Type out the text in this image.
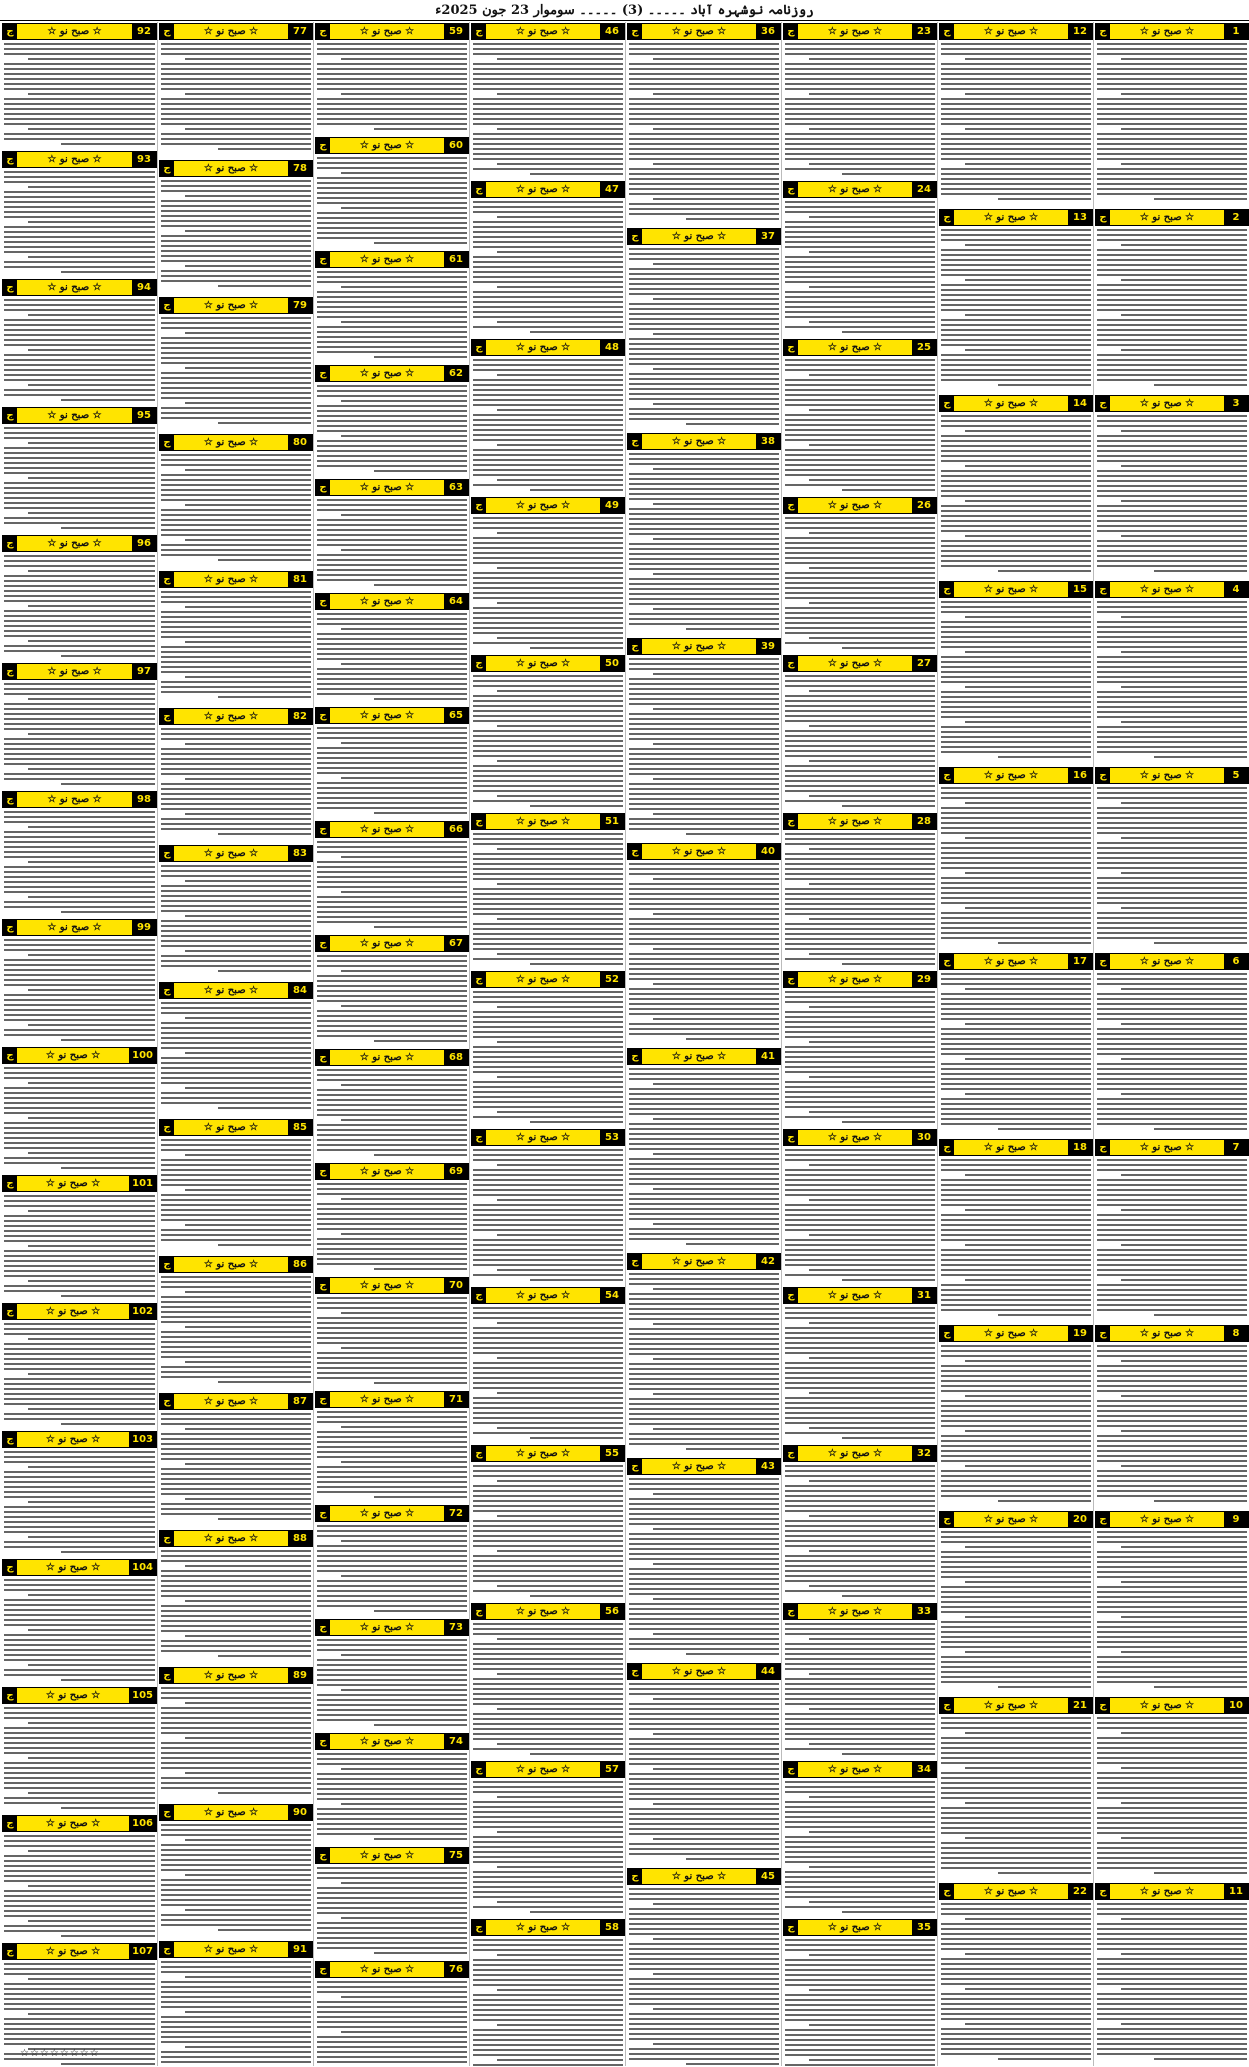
روزنامہ نوشہرہ آباد ۔۔۔۔۔ (3) ۔۔۔۔۔ سوموار 23 جون 2025ء
ج	☆ صبح نو ☆	1
ج	☆ صبح نو ☆	2
ج	☆ صبح نو ☆	3
ج	☆ صبح نو ☆	4
ج	☆ صبح نو ☆	5
ج	☆ صبح نو ☆	6
ج	☆ صبح نو ☆	7
ج	☆ صبح نو ☆	8
ج	☆ صبح نو ☆	9
ج	☆ صبح نو ☆	10
ج	☆ صبح نو ☆	11
ج	☆ صبح نو ☆	12
ج	☆ صبح نو ☆	13
ج	☆ صبح نو ☆	14
ج	☆ صبح نو ☆	15
ج	☆ صبح نو ☆	16
ج	☆ صبح نو ☆	17
ج	☆ صبح نو ☆	18
ج	☆ صبح نو ☆	19
ج	☆ صبح نو ☆	20
ج	☆ صبح نو ☆	21
ج	☆ صبح نو ☆	22
ج	☆ صبح نو ☆	23
ج	☆ صبح نو ☆	24
ج	☆ صبح نو ☆	25
ج	☆ صبح نو ☆	26
ج	☆ صبح نو ☆	27
ج	☆ صبح نو ☆	28
ج	☆ صبح نو ☆	29
ج	☆ صبح نو ☆	30
ج	☆ صبح نو ☆	31
ج	☆ صبح نو ☆	32
ج	☆ صبح نو ☆	33
ج	☆ صبح نو ☆	34
ج	☆ صبح نو ☆	35
ج	☆ صبح نو ☆	36
ج	☆ صبح نو ☆	37
ج	☆ صبح نو ☆	38
ج	☆ صبح نو ☆	39
ج	☆ صبح نو ☆	40
ج	☆ صبح نو ☆	41
ج	☆ صبح نو ☆	42
ج	☆ صبح نو ☆	43
ج	☆ صبح نو ☆	44
ج	☆ صبح نو ☆	45
ج	☆ صبح نو ☆	46
ج	☆ صبح نو ☆	47
ج	☆ صبح نو ☆	48
ج	☆ صبح نو ☆	49
ج	☆ صبح نو ☆	50
ج	☆ صبح نو ☆	51
ج	☆ صبح نو ☆	52
ج	☆ صبح نو ☆	53
ج	☆ صبح نو ☆	54
ج	☆ صبح نو ☆	55
ج	☆ صبح نو ☆	56
ج	☆ صبح نو ☆	57
ج	☆ صبح نو ☆	58
ج	☆ صبح نو ☆	59
ج	☆ صبح نو ☆	60
ج	☆ صبح نو ☆	61
ج	☆ صبح نو ☆	62
ج	☆ صبح نو ☆	63
ج	☆ صبح نو ☆	64
ج	☆ صبح نو ☆	65
ج	☆ صبح نو ☆	66
ج	☆ صبح نو ☆	67
ج	☆ صبح نو ☆	68
ج	☆ صبح نو ☆	69
ج	☆ صبح نو ☆	70
ج	☆ صبح نو ☆	71
ج	☆ صبح نو ☆	72
ج	☆ صبح نو ☆	73
ج	☆ صبح نو ☆	74
ج	☆ صبح نو ☆	75
ج	☆ صبح نو ☆	76
ج	☆ صبح نو ☆	77
ج	☆ صبح نو ☆	78
ج	☆ صبح نو ☆	79
ج	☆ صبح نو ☆	80
ج	☆ صبح نو ☆	81
ج	☆ صبح نو ☆	82
ج	☆ صبح نو ☆	83
ج	☆ صبح نو ☆	84
ج	☆ صبح نو ☆	85
ج	☆ صبح نو ☆	86
ج	☆ صبح نو ☆	87
ج	☆ صبح نو ☆	88
ج	☆ صبح نو ☆	89
ج	☆ صبح نو ☆	90
ج	☆ صبح نو ☆	91
ج	☆ صبح نو ☆	92
ج	☆ صبح نو ☆	93
ج	☆ صبح نو ☆	94
ج	☆ صبح نو ☆	95
ج	☆ صبح نو ☆	96
ج	☆ صبح نو ☆	97
ج	☆ صبح نو ☆	98
ج	☆ صبح نو ☆	99
ج	☆ صبح نو ☆	100
ج	☆ صبح نو ☆	101
ج	☆ صبح نو ☆	102
ج	☆ صبح نو ☆	103
ج	☆ صبح نو ☆	104
ج	☆ صبح نو ☆	105
ج	☆ صبح نو ☆	106
ج	☆ صبح نو ☆	107
☆☆☆☆☆☆☆☆
